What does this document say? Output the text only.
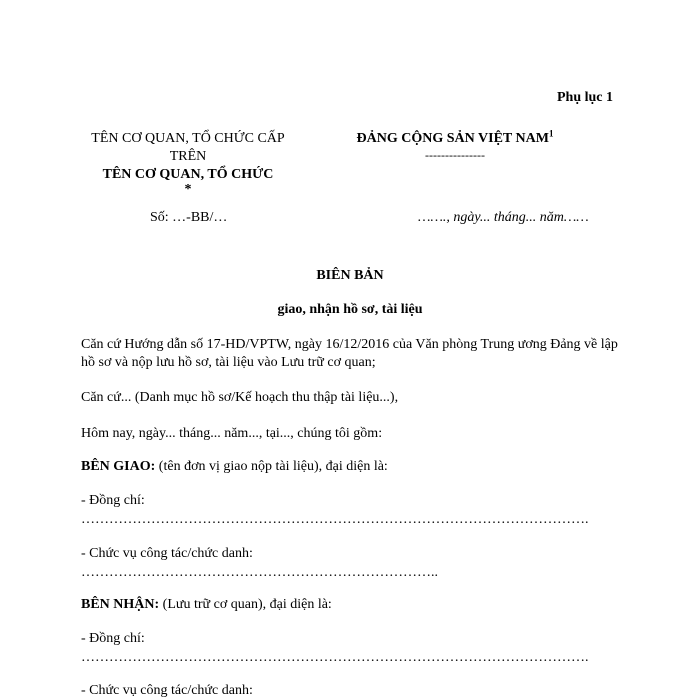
Phụ lục 1
TÊN CƠ QUAN, TỔ CHỨC CẤP
TRÊN
TÊN CƠ QUAN, TỔ CHỨC
*
Số: …-BB/…
ĐẢNG CỘNG SẢN VIỆT NAM$^1$
---------------
……., ngày... tháng... năm……
BIÊN BẢN
giao, nhận hồ sơ, tài liệu
Căn cứ Hướng dẫn số 17-HD/VPTW, ngày 16/12/2016 của Văn phòng Trung ương Đảng về lập hồ sơ và nộp lưu hồ sơ, tài liệu vào Lưu trữ cơ quan;
Căn cứ... (Danh mục hồ sơ/Kế hoạch thu thập tài liệu...),
Hôm nay, ngày... tháng... năm..., tại..., chúng tôi gồm:
BÊN GIAO: (tên đơn vị giao nộp tài liệu), đại diện là:
- Đồng chí:
……………………………………………………………………………………………….
- Chức vụ công tác/chức danh:
…………………………………………………………………..
BÊN NHẬN: (Lưu trữ cơ quan), đại diện là:
- Đồng chí:
……………………………………………………………………………………………….
- Chức vụ công tác/chức danh:
